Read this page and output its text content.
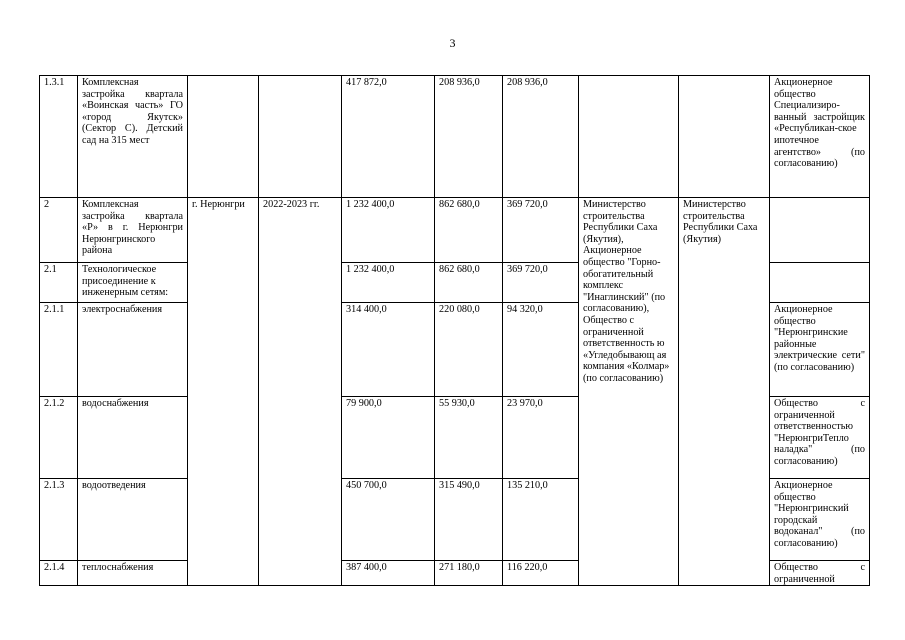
3
1.3.1	Комплексная застройка квартала «Воинская часть» ГО «город Якутск» (Сектор С). Детский сад на 315 мест			417 872,0	208 936,0	208 936,0			Акционерное общество Специализиро-ванный застройщик «Республикан-ское ипотечное агентство» (по согласованию)
2	Комплексная застройка квартала «Р» в г. Нерюнгри Нерюнгринского района	г. Нерюнгри	2022-2023 гг.	1 232 400,0	862 680,0	369 720,0	Министерство строительства Республики Саха (Якутия), Акционерное общество "Горно-обогатительный комплекс "Инаглинский" (по согласованию), Общество с ограниченной ответственность ю «Угледобывающ ая компания «Колмар» (по согласованию)	Министерство строительства Республики Саха (Якутия)	
2.1	Технологическое присоединение к инженерным сетям:			1 232 400,0	862 680,0	369 720,0			
2.1.1	электроснабжения			314 400,0	220 080,0	94 320,0			Акционерное общество "Нерюнгринские районные электрические сети" (по согласованию)
2.1.2	водоснабжения			79 900,0	55 930,0	23 970,0			Общество с ограниченной ответственностью "НерюнгриТепло наладка" (по согласованию)
2.1.3	водоотведения			450 700,0	315 490,0	135 210,0			Акционерное общество "Нерюнгринский городскай водоканал" (по согласованию)
2.1.4	теплоснабжения			387 400,0	271 180,0	116 220,0			Общество с ограниченной
